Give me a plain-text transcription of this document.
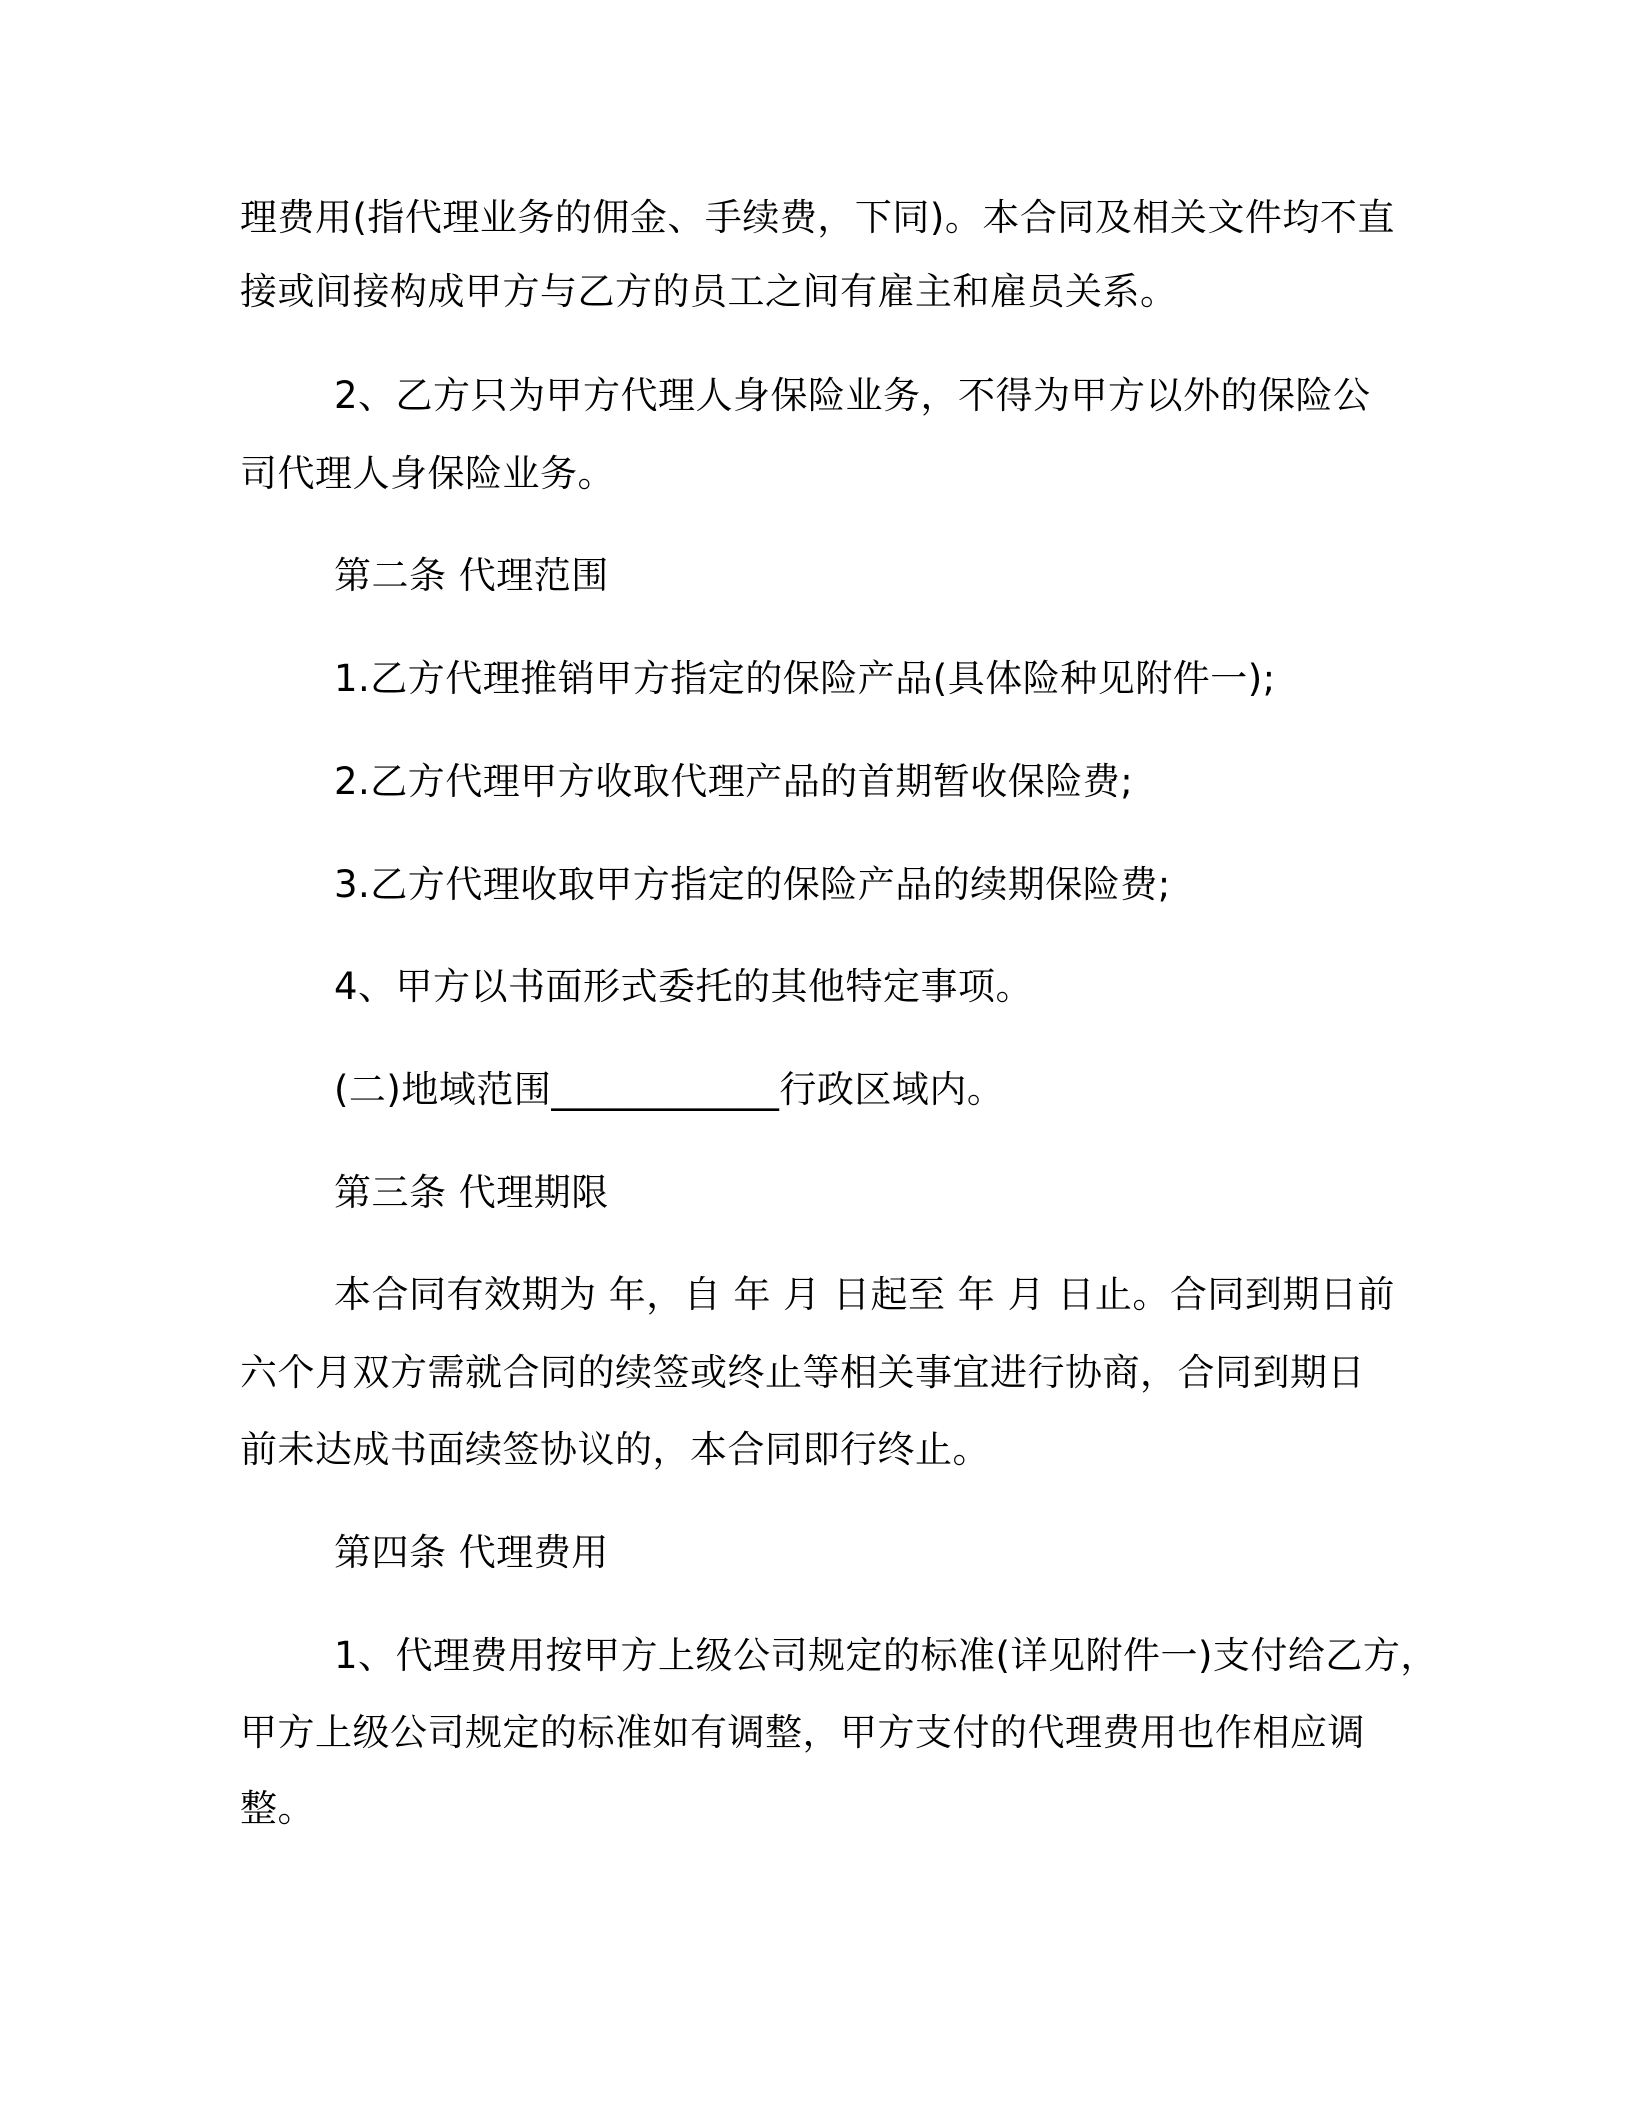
理费用(指代理业务的佣金、手续费，下同)。本合同及相关文件均不直
接或间接构成甲方与乙方的员工之间有雇主和雇员关系。
2、乙方只为甲方代理人身保险业务，不得为甲方以外的保险公
司代理人身保险业务。
第二条 代理范围
1.乙方代理推销甲方指定的保险产品(具体险种见附件一);
2.乙方代理甲方收取代理产品的首期暂收保险费;
3.乙方代理收取甲方指定的保险产品的续期保险费;
4、甲方以书面形式委托的其他特定事项。
(二)地域范围____________行政区域内。
第三条 代理期限
本合同有效期为 年，自 年 月 日起至 年 月 日止。合同到期日前
六个月双方需就合同的续签或终止等相关事宜进行协商，合同到期日
前未达成书面续签协议的，本合同即行终止。
第四条 代理费用
1、代理费用按甲方上级公司规定的标准(详见附件一)支付给乙方，
甲方上级公司规定的标准如有调整，甲方支付的代理费用也作相应调
整。
